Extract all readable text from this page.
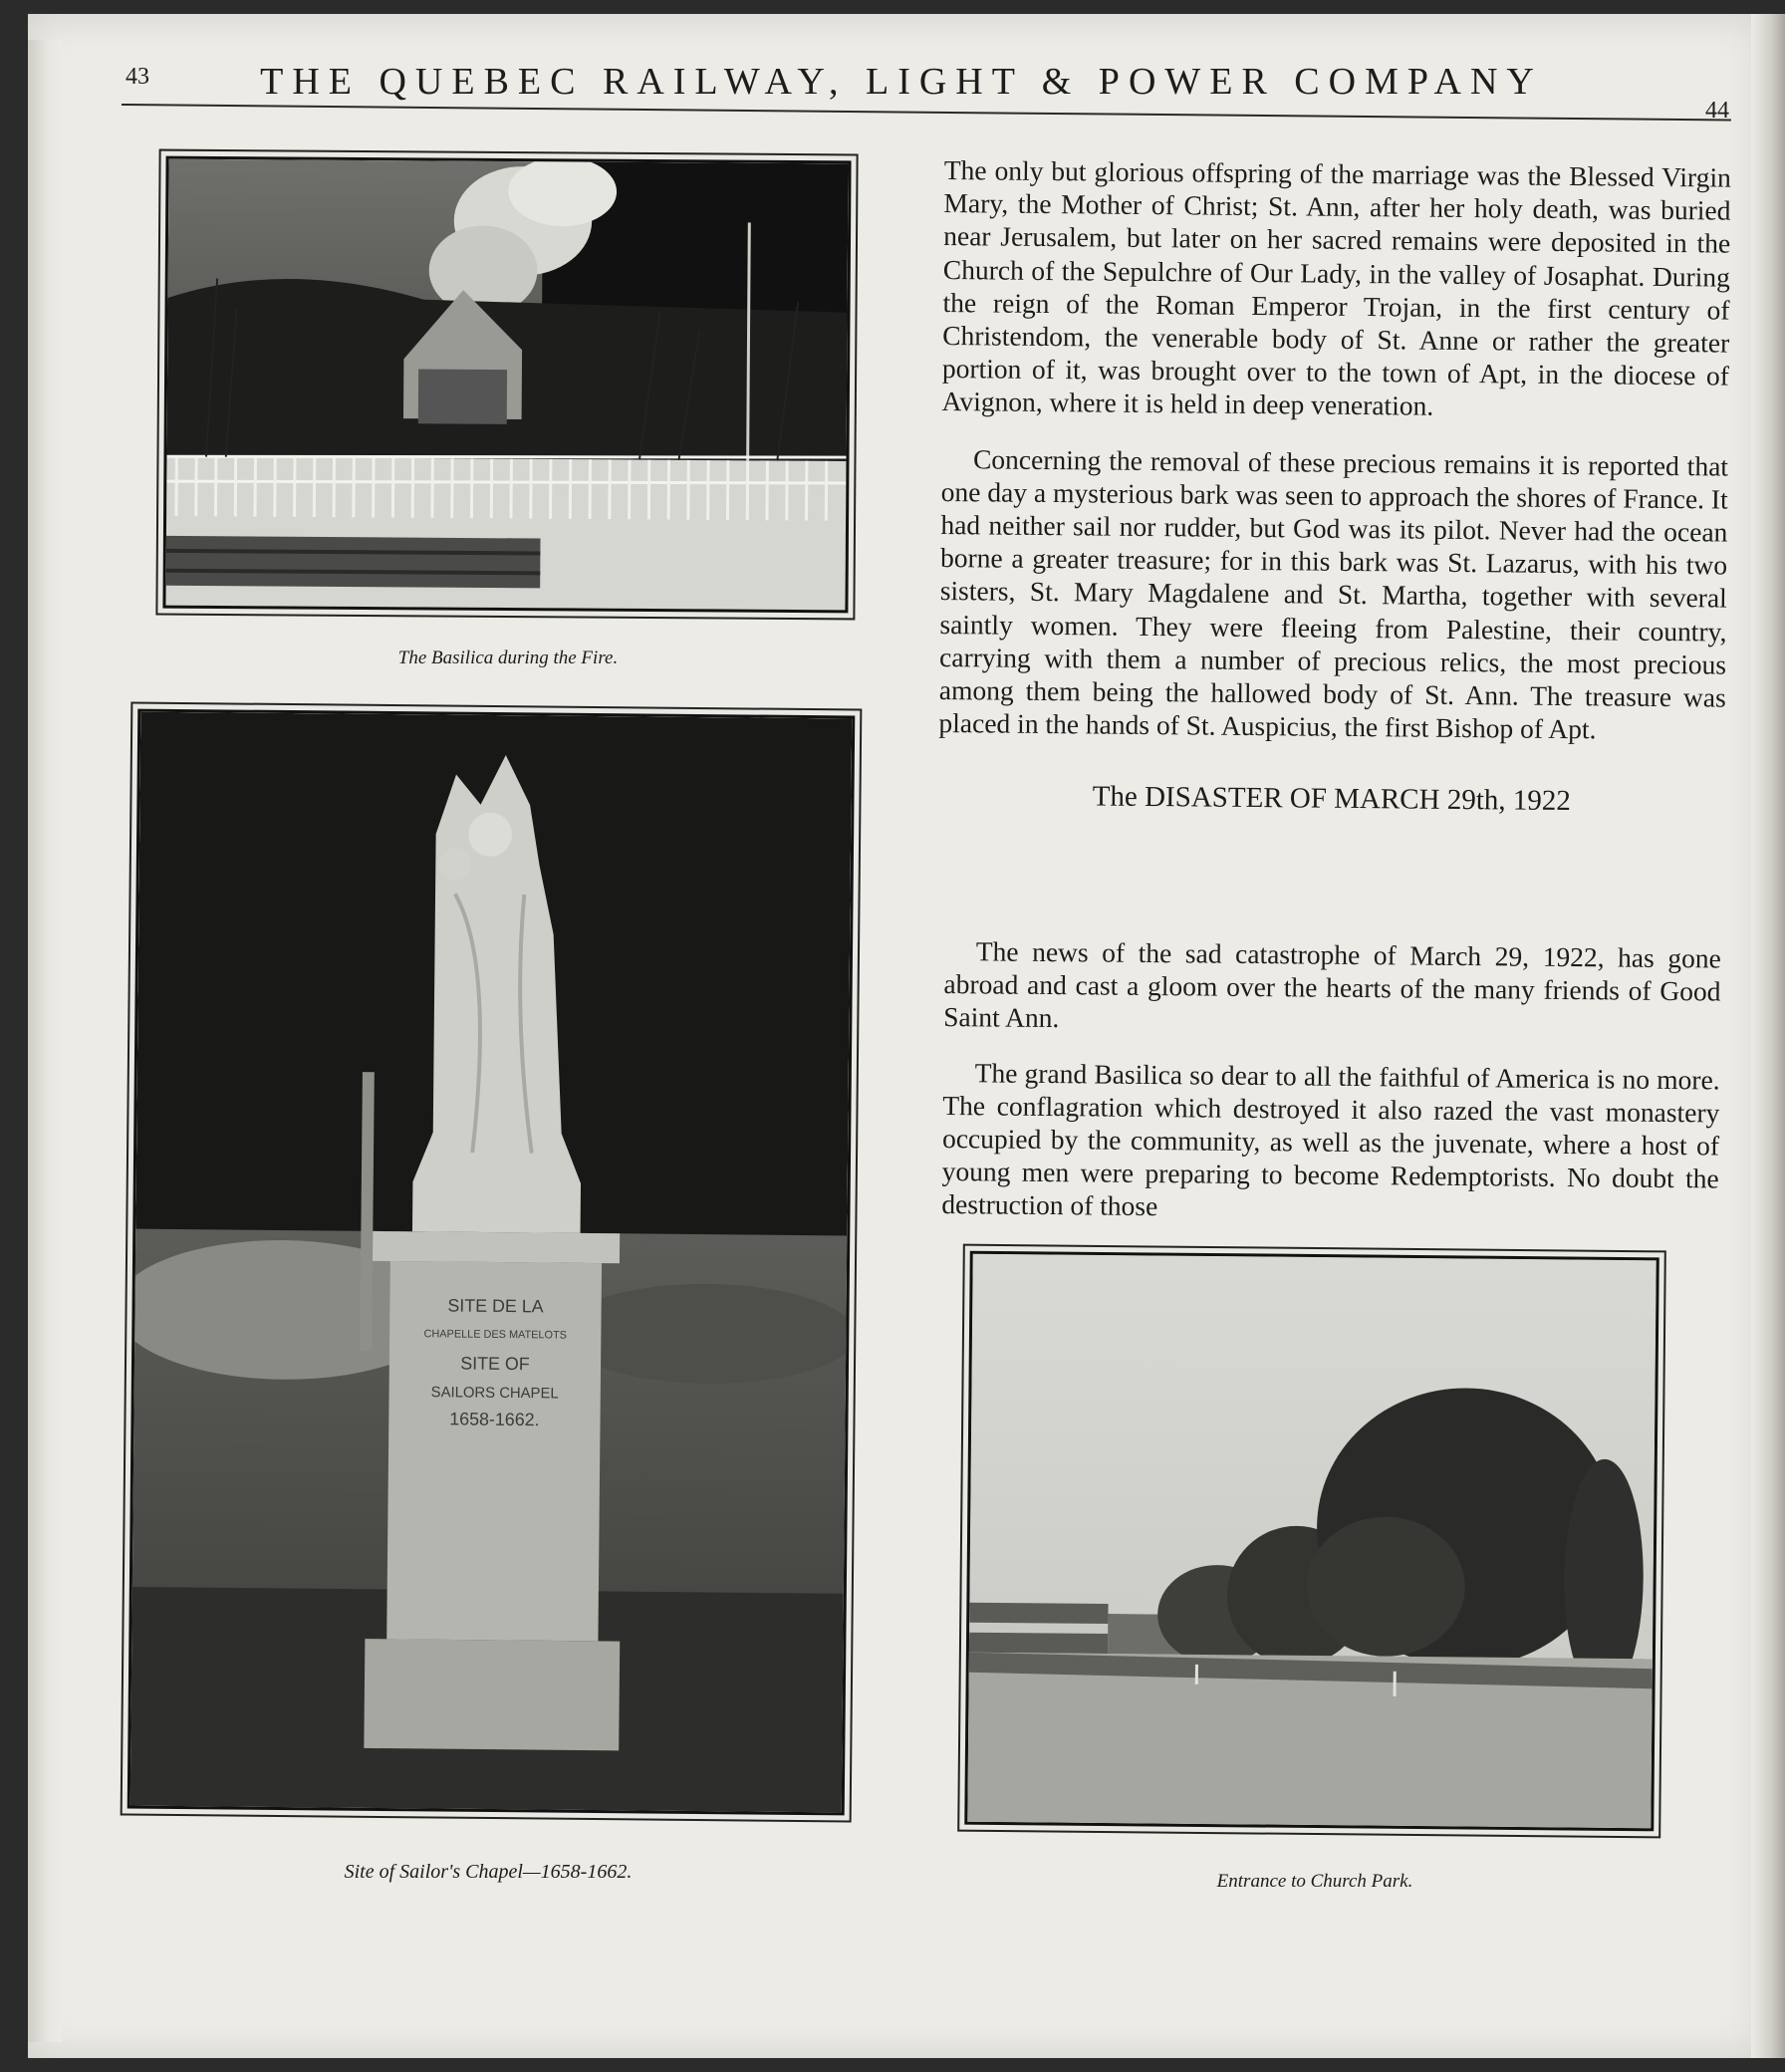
43	THE QUEBEC RAILWAY, LIGHT & POWER COMPANY
44
The Basilica during the Fire.
SITE DE LA
CHAPELLE DES MATELOTS
SITE OF
SAILORS CHAPEL
1658-1662.
Site of Sailor's Chapel—1658-1662.

The only but glorious offspring of the marriage was the Blessed Virgin Mary, the Mother of Christ; St. Ann, after her holy death, was buried near Jerusalem, but later on her sacred remains were deposited in the Church of the Sepulchre of Our Lady, in the valley of Josaphat. During the reign of the Roman Emperor Trojan, in the first century of Christendom, the venerable body of St. Anne or rather the greater portion of it, was brought over to the town of Apt, in the diocese of Avignon, where it is held in deep veneration.

Concerning the removal of these precious remains it is reported that one day a mysterious bark was seen to approach the shores of France. It had neither sail nor rudder, but God was its pilot. Never had the ocean borne a greater treasure; for in this bark was St. Lazarus, with his two sisters, St. Mary Magdalene and St. Martha, together with several saintly women. They were fleeing from Palestine, their country, carrying with them a number of precious relics, the most precious among them being the hallowed body of St. Ann. The treasure was placed in the hands of St. Auspicius, the first Bishop of Apt.

The DISASTER OF MARCH 29th, 1922

The news of the sad catastrophe of March 29, 1922, has gone abroad and cast a gloom over the hearts of the many friends of Good Saint Ann.

The grand Basilica so dear to all the faithful of America is no more. The conflagration which destroyed it also razed the vast monastery occupied by the community, as well as the juvenate, where a host of young men were preparing to become Redemptorists. No doubt the destruction of those

Entrance to Church Park.
